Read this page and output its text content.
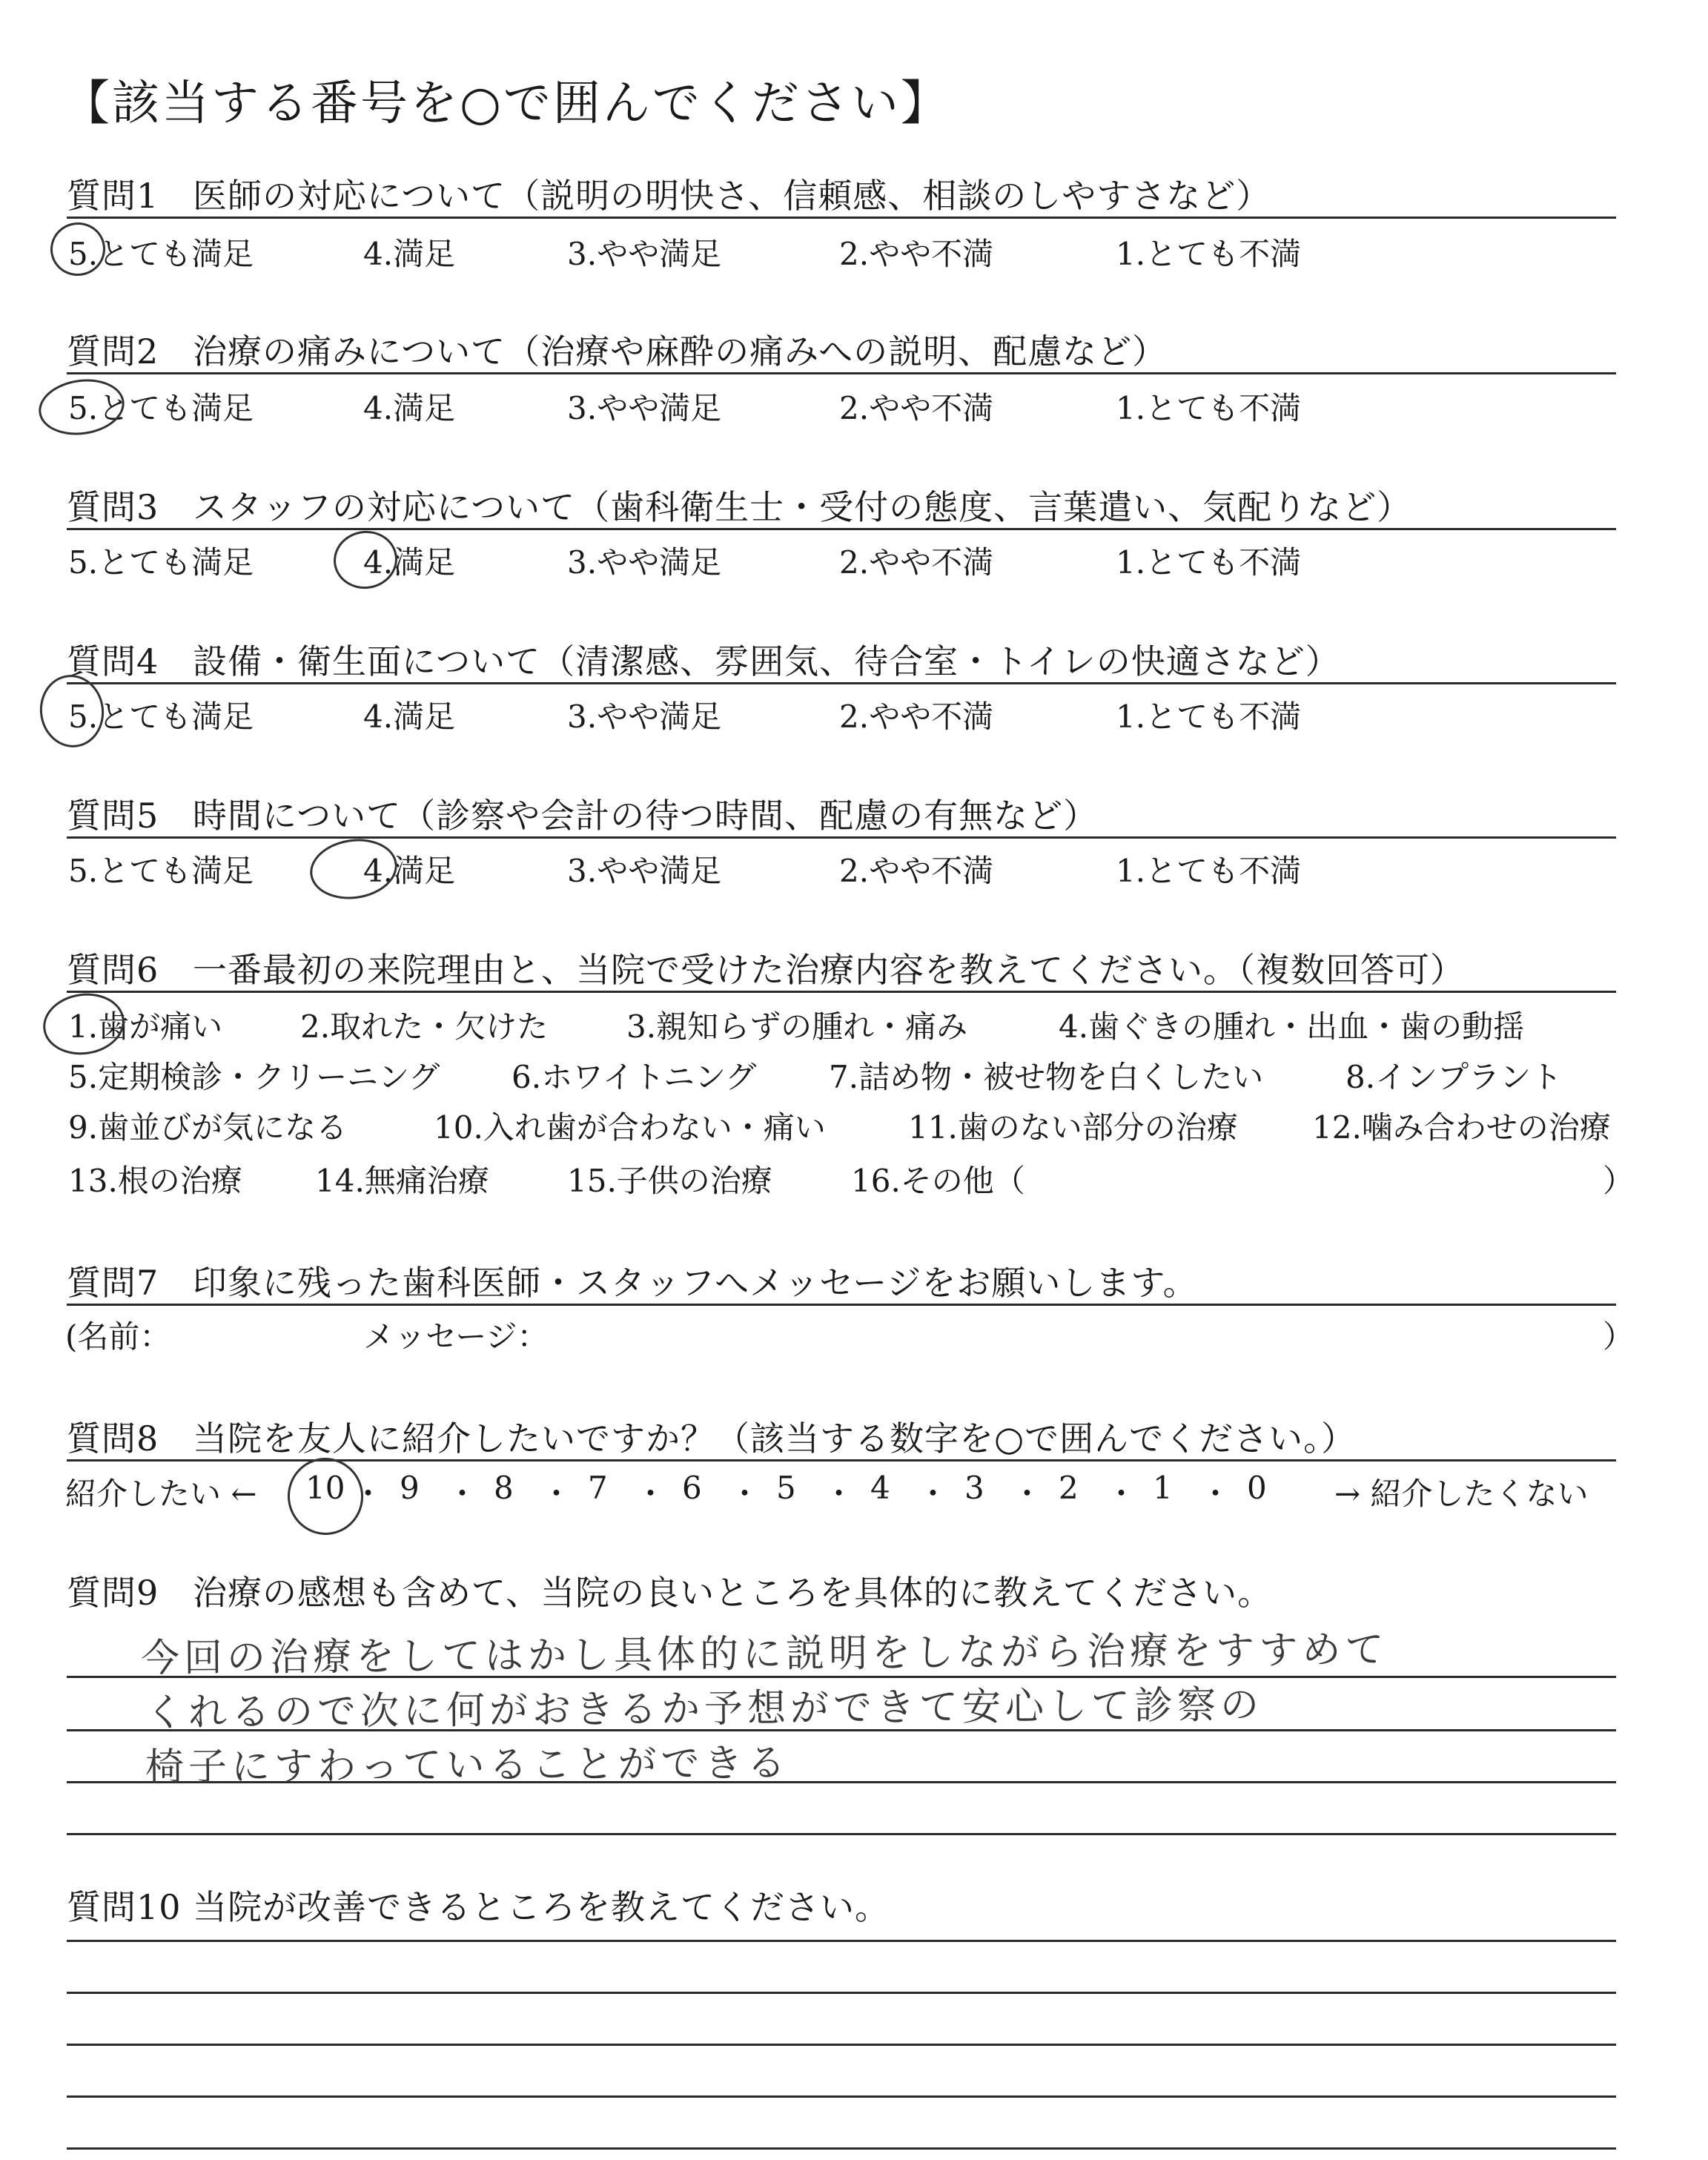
【該当する番号を○で囲んでください】
質問1 医師の対応について（説明の明快さ、信頼感、相談のしやすさなど）
5.とても満足	4.満足	3.やや満足	2.やや不満	1.とても不満
質問2 治療の痛みについて（治療や麻酔の痛みへの説明、配慮など）
5.とても満足	4.満足	3.やや満足	2.やや不満	1.とても不満
質問3 スタッフの対応について（歯科衛生士・受付の態度、言葉遣い、気配りなど）
5.とても満足	4.満足	3.やや満足	2.やや不満	1.とても不満
質問4 設備・衛生面について（清潔感、雰囲気、待合室・トイレの快適さなど）
5.とても満足	4.満足	3.やや満足	2.やや不満	1.とても不満
質問5 時間について（診察や会計の待つ時間、配慮の有無など）
5.とても満足	4.満足	3.やや満足	2.やや不満	1.とても不満
質問6 一番最初の来院理由と、当院で受けた治療内容を教えてください。（複数回答可）
1.歯が痛い 2.取れた・欠けた	3.親知らずの腫れ・痛み	4.歯ぐきの腫れ・出血・歯の動揺
5.定期検診・クリーニング 6.ホワイトニング 7.詰め物・被せ物を白くしたい	8.インプラント
9.歯並びが気になる	10.入れ歯が合わない・痛い	11.歯のない部分の治療 12.噛み合わせの治療
13.根の治療 14.無痛治療	15.子供の治療	16.その他（	）
質問7 印象に残った歯科医師・スタッフへメッセージをお願いします。
(名前：	メッセージ：	）
質問8 当院を友人に紹介したいですか？（該当する数字を○で囲んでください。）
紹介したい ←	→ 紹介したくない
10 ・ 9 ・ 8 ・ 7 ・ 6 ・ 5 ・ 4 ・ 3 ・ 2 ・ 1 ・ 0
質問9 治療の感想も含めて、当院の良いところを具体的に教えてください。
今回の治療をしてはかし具体的に説明をしながら治療をすすめて
くれるので次に何がおきるか予想ができて安心して診察の
椅子にすわっていることができる
質問10 当院が改善できるところを教えてください。
